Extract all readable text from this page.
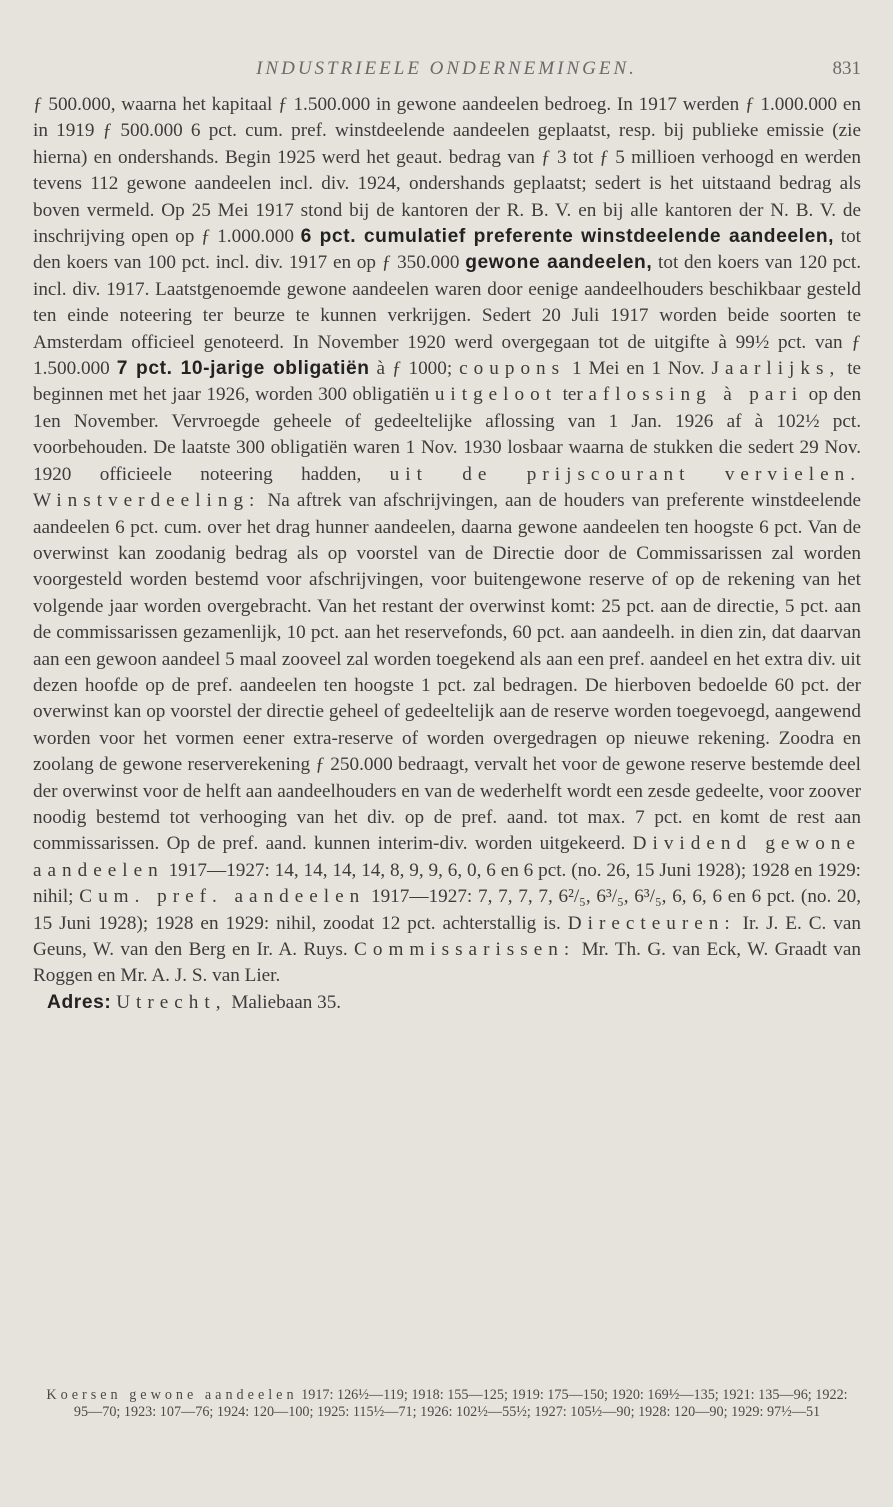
INDUSTRIEELE ONDERNEMINGEN.	831

ƒ 500.000, waarna het kapitaal ƒ 1.500.000 in gewone aandeelen bedroeg. In 1917 werden ƒ 1.000.000 en in 1919 ƒ 500.000 6 pct. cum. pref. winstdeelende aandeelen geplaatst, resp. bij publieke emissie (zie hierna) en ondershands. Begin 1925 werd het geaut. bedrag van ƒ 3 tot ƒ 5 millioen verhoogd en werden tevens 112 gewone aandeelen incl. div. 1924, ondershands geplaatst; sedert is het uitstaand bedrag als boven vermeld. Op 25 Mei 1917 stond bij de kantoren der R. B. V. en bij alle kantoren der N. B. V. de inschrijving open op ƒ 1.000.000 6 pct. cumulatief preferente winstdeelende aandeelen, tot den koers van 100 pct. incl. div. 1917 en op ƒ 350.000 gewone aandeelen, tot den koers van 120 pct. incl. div. 1917. Laatstgenoemde gewone aandeelen waren door eenige aandeelhouders beschikbaar gesteld ten einde noteering ter beurze te kunnen verkrijgen. Sedert 20 Juli 1917 worden beide soorten te Amsterdam officieel genoteerd. In November 1920 werd overgegaan tot de uitgifte à 99½ pct. van ƒ 1.500.000 7 pct. 10-jarige obligatiën à ƒ 1000; coupons 1 Mei en 1 Nov. Jaarlijks, te beginnen met het jaar 1926, worden 300 obligatiën uitgeloot ter aflossing à pari op den 1en November. Vervroegde geheele of gedeeltelijke aflossing van 1 Jan. 1926 af à 102½ pct. voorbehouden. De laatste 300 obligatiën waren 1 Nov. 1930 losbaar waarna de stukken die sedert 29 Nov. 1920 officieele noteering hadden, uit de prijscourant vervielen. Winstverdeeling: Na aftrek van afschrijvingen, aan de houders van preferente winstdeelende aandeelen 6 pct. cum. over het drag hunner aandeelen, daarna gewone aandeelen ten hoogste 6 pct. Van de overwinst kan zoodanig bedrag als op voorstel van de Directie door de Commissarissen zal worden voorgesteld worden bestemd voor afschrijvingen, voor buitengewone reserve of op de rekening van het volgende jaar worden overgebracht. Van het restant der overwinst komt: 25 pct. aan de directie, 5 pct. aan de commissarissen gezamenlijk, 10 pct. aan het reservefonds, 60 pct. aan aandeelh. in dien zin, dat daarvan aan een gewoon aandeel 5 maal zooveel zal worden toegekend als aan een pref. aandeel en het extra div. uit dezen hoofde op de pref. aandeelen ten hoogste 1 pct. zal bedragen. De hierboven bedoelde 60 pct. der overwinst kan op voorstel der directie geheel of gedeeltelijk aan de reserve worden toegevoegd, aangewend worden voor het vormen eener extra-reserve of worden overgedragen op nieuwe rekening. Zoodra en zoolang de gewone reserverekening ƒ 250.000 bedraagt, vervalt het voor de gewone reserve bestemde deel der overwinst voor de helft aan aandeelhouders en van de wederhelft wordt een zesde gedeelte, voor zoover noodig bestemd tot verhooging van het div. op de pref. aand. tot max. 7 pct. en komt de rest aan commissarissen. Op de pref. aand. kunnen interim-div. worden uitgekeerd. Dividend gewone aandeelen 1917—1927: 14, 14, 14, 14, 8, 9, 9, 6, 0, 6 en 6 pct. (no. 26, 15 Juni 1928); 1928 en 1929: nihil; Cum. pref. aandeelen 1917—1927: 7, 7, 7, 7, 6²/₅, 6³/₅, 6³/₅, 6, 6, 6 en 6 pct. (no. 20, 15 Juni 1928); 1928 en 1929: nihil, zoodat 12 pct. achterstallig is. Directeuren: Ir. J. E. C. van Geuns, W. van den Berg en Ir. A. Ruys. Commissarissen: Mr. Th. G. van Eck, W. Graadt van Roggen en Mr. A. J. S. van Lier.
Adres: Utrecht, Maliebaan 35.

Koersen gewone aandeelen 1917: 126½—119; 1918: 155—125; 1919: 175—150; 1920: 169½—135; 1921: 135—96; 1922: 95—70; 1923: 107—76; 1924: 120—100; 1925: 115½—71; 1926: 102½—55½; 1927: 105½—90; 1928: 120—90; 1929: 97½—51
